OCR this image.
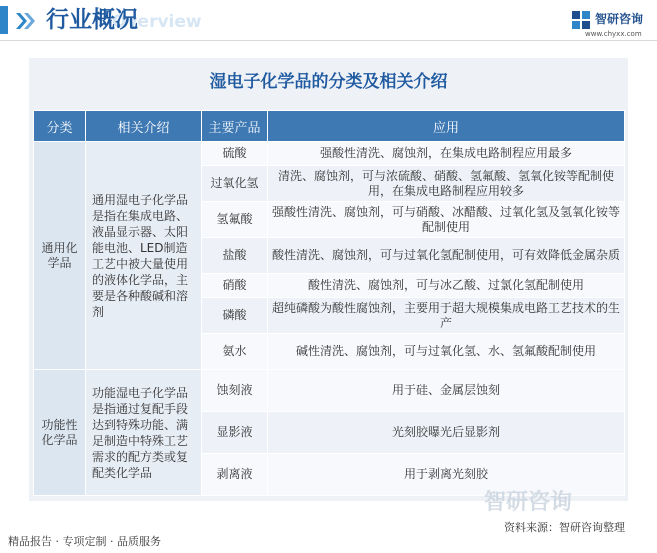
Overview
行业概况	智研咨询
www.chyxx.com
湿电子化学品的分类及相关介绍
分类	相关介绍	主要产品	应用
通用化学品	通用湿电子化学品是指在集成电路、液晶显示器、太阳能电池、LED制造工艺中被大量使用的液体化学品，主要是各种酸碱和溶剂	硫酸	强酸性清洗、腐蚀剂，在集成电路制程应用最多
		过氧化氢	清洗、腐蚀剂，可与浓硫酸、硝酸、氢氟酸、氢氧化铵等配制使用，在集成电路制程应用较多
		氢氟酸	强酸性清洗、腐蚀剂，可与硝酸、冰醋酸、过氧化氢及氢氧化铵等配制使用
		盐酸	酸性清洗、腐蚀剂，可与过氧化氢配制使用，可有效降低金属杂质
		硝酸	酸性清洗、腐蚀剂，可与冰乙酸、过氯化氢配制使用
		磷酸	超纯磷酸为酸性腐蚀剂，主要用于超大规模集成电路工艺技术的生产
		氨水	碱性清洗、腐蚀剂，可与过氧化氢、水、氢氟酸配制使用
功能性化学品	功能湿电子化学品是指通过复配手段达到特殊功能、满足制造中特殊工艺需求的配方类或复配类化学品	蚀刻液	用于硅、金属层蚀刻
		显影液	光刻胶曝光后显影剂
		剥离液	用于剥离光刻胶
智研咨询
资料来源：智研咨询整理
精品报告 · 专项定制 · 品质服务
